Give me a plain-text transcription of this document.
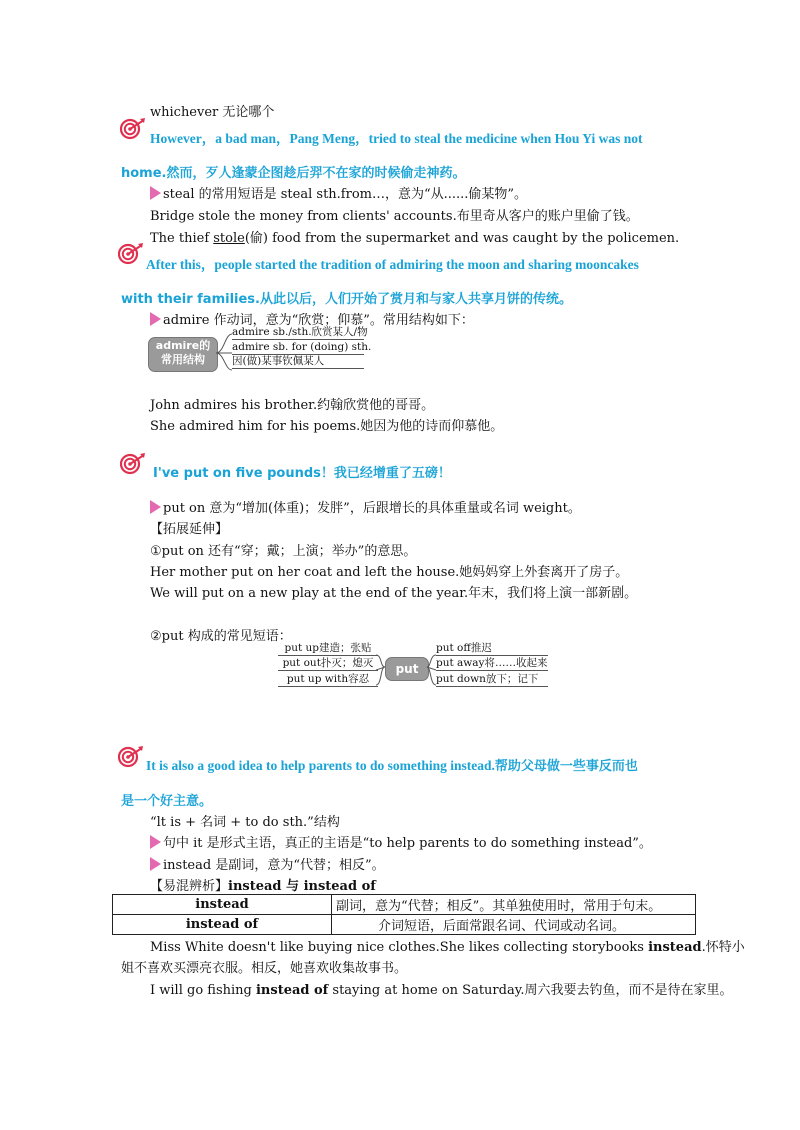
whichever 无论哪个
However，a bad man，Pang Meng，tried to steal the medicine when Hou Yi was not
home.然而，歹人逢蒙企图趁后羿不在家的时候偷走神药。
steal 的常用短语是 steal sth.from…，意为“从......偷某物”。
Bridge stole the money from clients' accounts.布里奇从客户的账户里偷了钱。
The thief stole(偷) food from the supermarket and was caught by the policemen.
After this，people started the tradition of admiring the moon and sharing mooncakes
with their families.从此以后，人们开始了赏月和与家人共享月饼的传统。
admire 作动词，意为“欣赏；仰慕”。常用结构如下：
admire的
常用结构
admire sb./sth.欣赏某人/物
admire sb. for (doing) sth.
因(做)某事钦佩某人
John admires his brother.约翰欣赏他的哥哥。
She admired him for his poems.她因为他的诗而仰慕他。
I've put on five pounds！我已经增重了五磅！
put on 意为“增加(体重)；发胖”，后跟增长的具体重量或名词 weight。
【拓展延伸】
①put on 还有“穿；戴；上演；举办”的意思。
Her mother put on her coat and left the house.她妈妈穿上外套离开了房子。
We will put on a new play at the end of the year.年末，我们将上演一部新剧。
②put 构成的常见短语：
put up建造；张贴
put out扑灭；熄灭
put up with容忍
put
put off推迟
put away将……收起来
put down放下；记下
It is also a good idea to help parents to do something instead.帮助父母做一些事反而也
是一个好主意。
“lt is + 名词 + to do sth.”结构
句中 it 是形式主语，真正的主语是“to help parents to do something instead”。
instead 是副词，意为“代替；相反”。
【易混辨析】instead 与 instead of
instead	副词，意为“代替；相反”。其单独使用时，常用于句末。
instead of	介词短语，后面常跟名词、代词或动名词。
Miss White doesn't like buying nice clothes.She likes collecting storybooks instead.怀特小
姐不喜欢买漂亮衣服。相反，她喜欢收集故事书。
I will go fishing instead of staying at home on Saturday.周六我要去钓鱼，而不是待在家里。
